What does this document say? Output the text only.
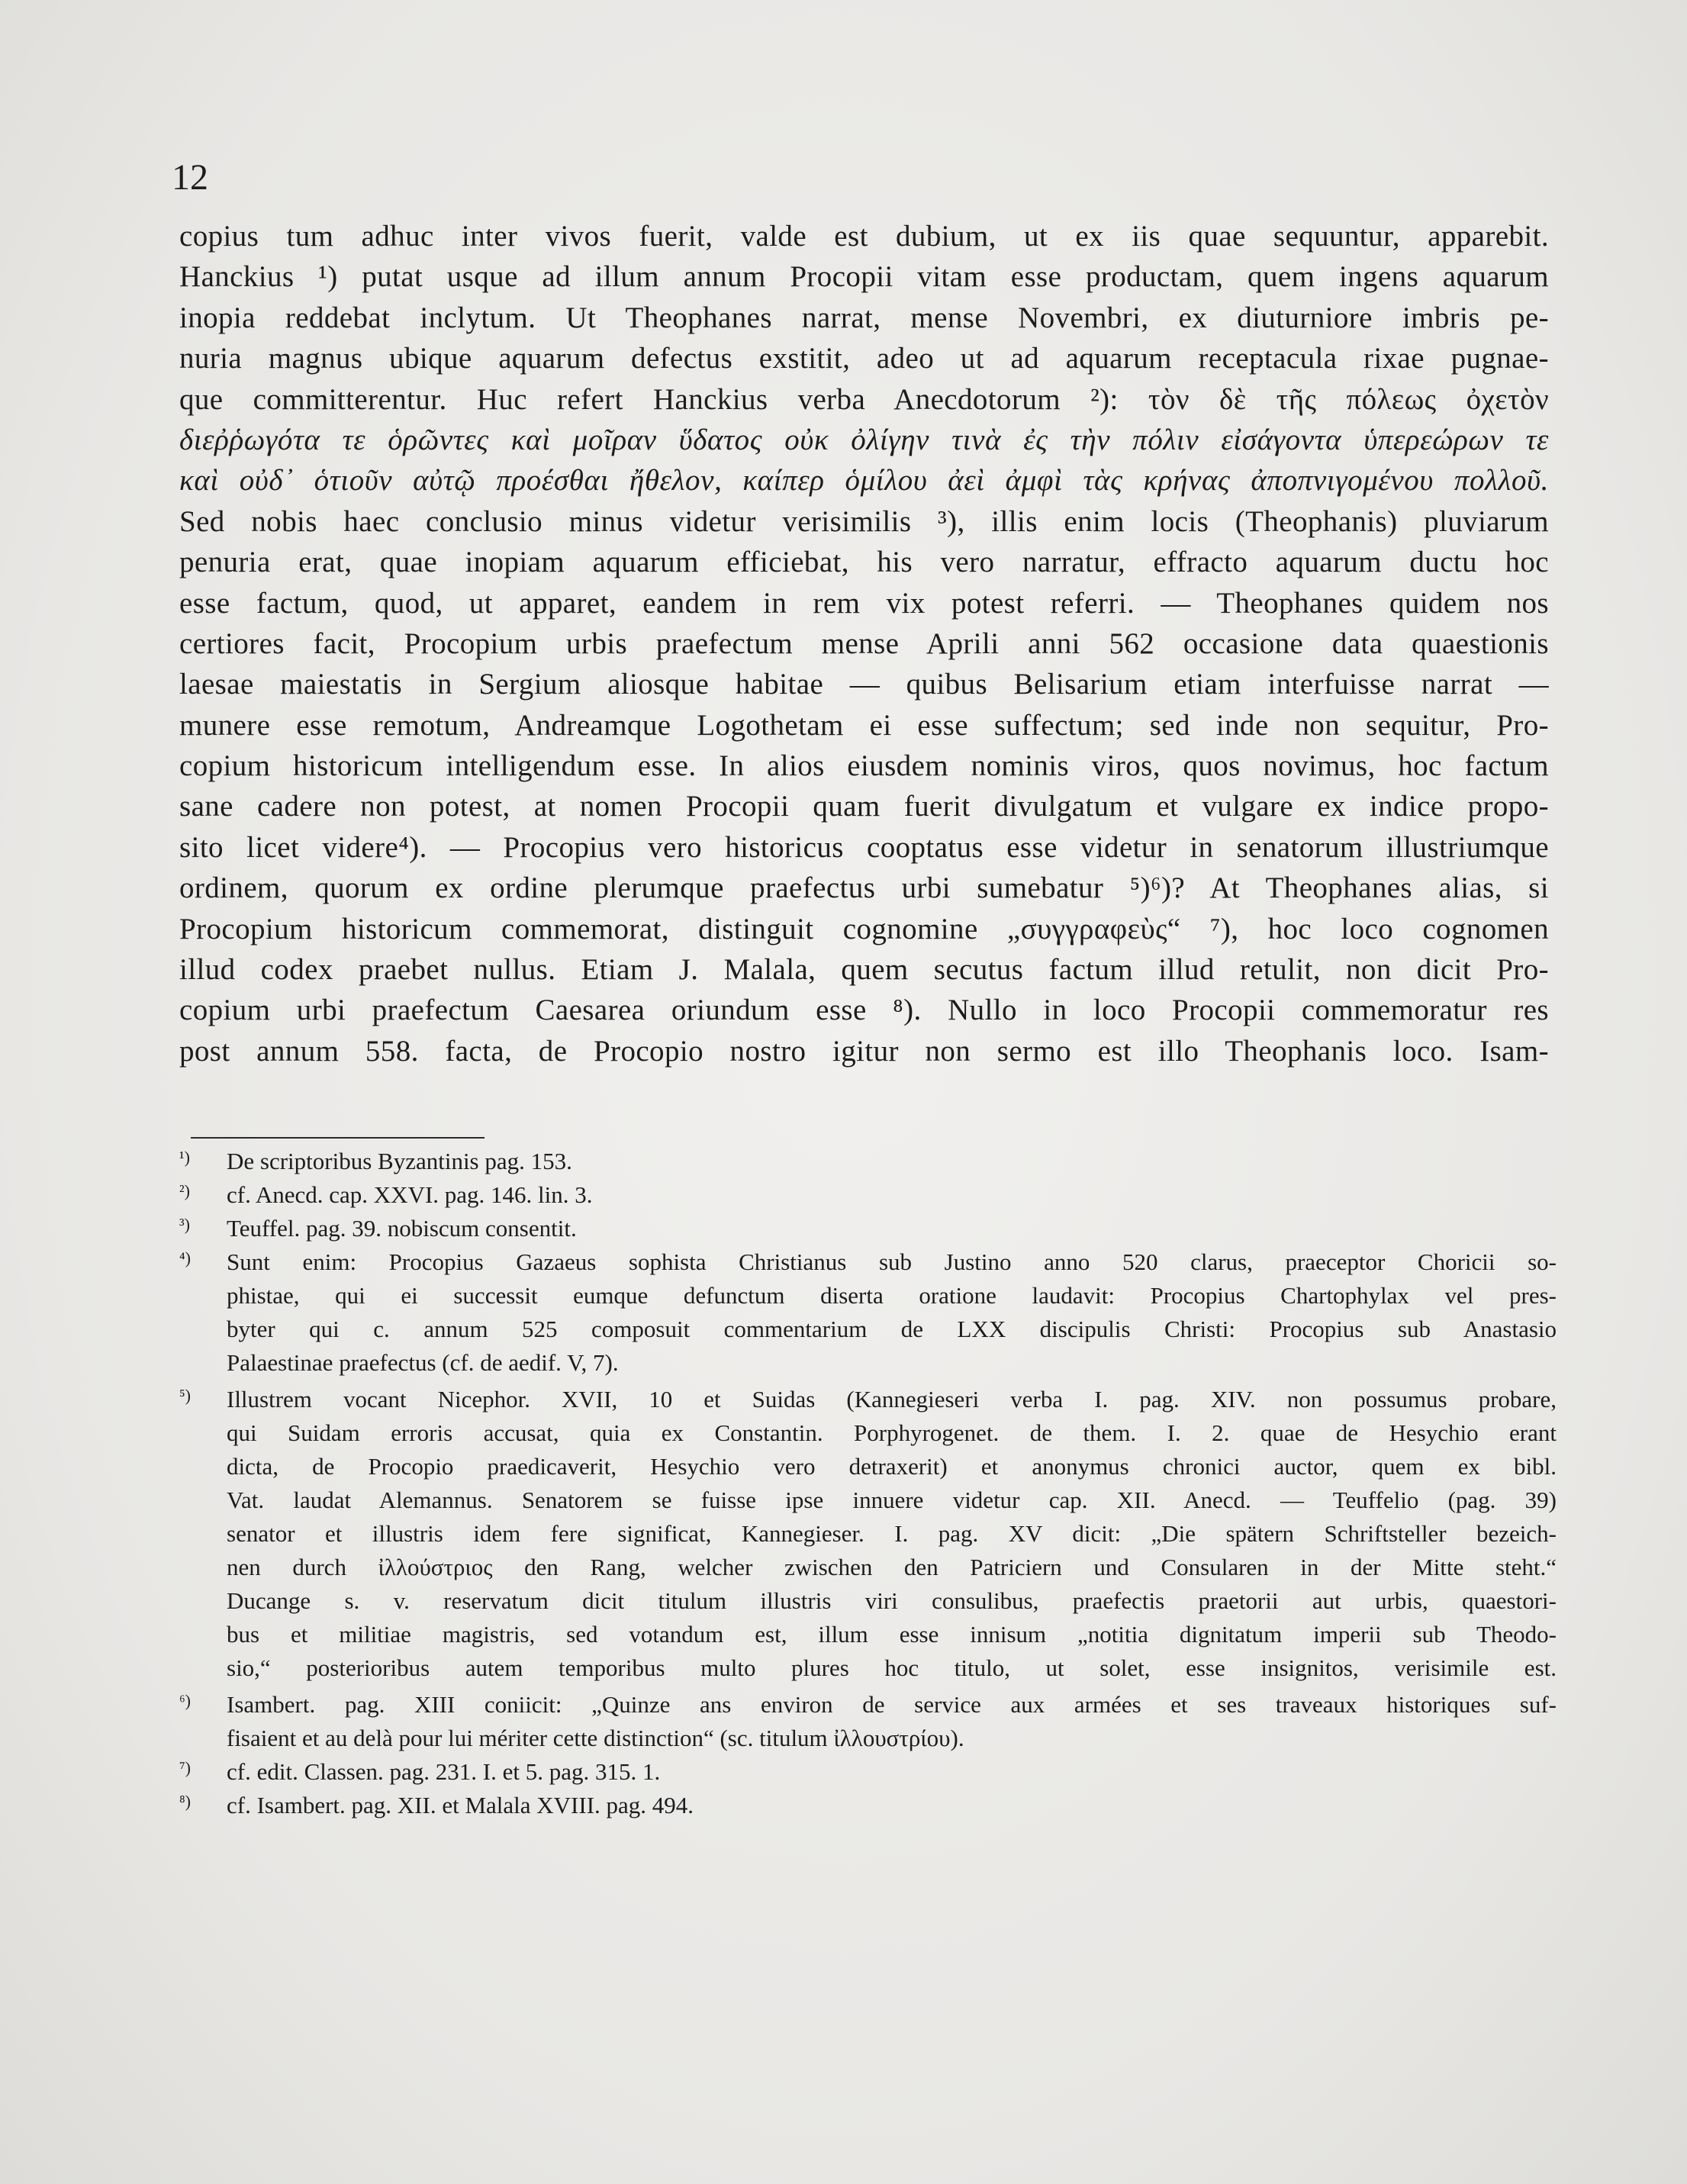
12
copius tum adhuc inter vivos fuerit, valde est dubium, ut ex iis quae sequuntur, apparebit.
Hanckius ¹) putat usque ad illum annum Procopii vitam esse productam, quem ingens aquarum
inopia reddebat inclytum. Ut Theophanes narrat, mense Novembri, ex diuturniore imbris pe-
nuria magnus ubique aquarum defectus exstitit, adeo ut ad aquarum receptacula rixae pugnae-
que committerentur. Huc refert Hanckius verba Anecdotorum ²): τὸν δὲ τῆς πόλεως ὀχετὸν
διεῤῥωγότα τε ὁρῶντες καὶ μοῖραν ὕδατος οὐκ ὀλίγην τινὰ ἐς τὴν πόλιν εἰσάγοντα ὑπερεώρων τε
καὶ οὐδ᾽ ὁτιοῦν αὐτῷ προέσθαι ἤθελον, καίπερ ὁμίλου ἀεὶ ἀμφὶ τὰς κρήνας ἀποπνιγομένου πολλοῦ.
Sed nobis haec conclusio minus videtur verisimilis ³), illis enim locis (Theophanis) pluviarum
penuria erat, quae inopiam aquarum efficiebat, his vero narratur, effracto aquarum ductu hoc
esse factum, quod, ut apparet, eandem in rem vix potest referri. — Theophanes quidem nos
certiores facit, Procopium urbis praefectum mense Aprili anni 562 occasione data quaestionis
laesae maiestatis in Sergium aliosque habitae — quibus Belisarium etiam interfuisse narrat —
munere esse remotum, Andreamque Logothetam ei esse suffectum; sed inde non sequitur, Pro-
copium historicum intelligendum esse. In alios eiusdem nominis viros, quos novimus, hoc factum
sane cadere non potest, at nomen Procopii quam fuerit divulgatum et vulgare ex indice propo-
sito licet videre⁴). — Procopius vero historicus cooptatus esse videtur in senatorum illustriumque
ordinem, quorum ex ordine plerumque praefectus urbi sumebatur ⁵)⁶)? At Theophanes alias, si
Procopium historicum commemorat, distinguit cognomine „συγγραφεὺς“ ⁷), hoc loco cognomen
illud codex praebet nullus. Etiam J. Malala, quem secutus factum illud retulit, non dicit Pro-
copium urbi praefectum Caesarea oriundum esse ⁸). Nullo in loco Procopii commemoratur res
post annum 558. facta, de Procopio nostro igitur non sermo est illo Theophanis loco. Isam-
¹)	De scriptoribus Byzantinis pag. 153.
²)	cf. Anecd. cap. XXVI. pag. 146. lin. 3.
³)	Teuffel. pag. 39. nobiscum consentit.
⁴)	Sunt enim: Procopius Gazaeus sophista Christianus sub Justino anno 520 clarus, praeceptor Choricii so-
phistae, qui ei successit eumque defunctum diserta oratione laudavit: Procopius Chartophylax vel pres-
byter qui c. annum 525 composuit commentarium de LXX discipulis Christi: Procopius sub Anastasio
Palaestinae praefectus (cf. de aedif. V, 7).
⁵)	Illustrem vocant Nicephor. XVII, 10 et Suidas (Kannegieseri verba I. pag. XIV. non possumus probare,
qui Suidam erroris accusat, quia ex Constantin. Porphyrogenet. de them. I. 2. quae de Hesychio erant
dicta, de Procopio praedicaverit, Hesychio vero detraxerit) et anonymus chronici auctor, quem ex bibl.
Vat. laudat Alemannus. Senatorem se fuisse ipse innuere videtur cap. XII. Anecd. — Teuffelio (pag. 39)
senator et illustris idem fere significat, Kannegieser. I. pag. XV dicit: „Die spätern Schriftsteller bezeich-
nen durch ἰλλούστριος den Rang, welcher zwischen den Patriciern und Consularen in der Mitte steht.“
Ducange s. v. reservatum dicit titulum illustris viri consulibus, praefectis praetorii aut urbis, quaestori-
bus et militiae magistris, sed votandum est, illum esse innisum „notitia dignitatum imperii sub Theodo-
sio,“ posterioribus autem temporibus multo plures hoc titulo, ut solet, esse insignitos, verisimile est.
⁶)	Isambert. pag. XIII coniicit: „Quinze ans environ de service aux armées et ses traveaux historiques suf-
fisaient et au delà pour lui mériter cette distinction“ (sc. titulum ἰλλουστρίου).
⁷)	cf. edit. Classen. pag. 231. I. et 5. pag. 315. 1.
⁸)	cf. Isambert. pag. XII. et Malala XVIII. pag. 494.
